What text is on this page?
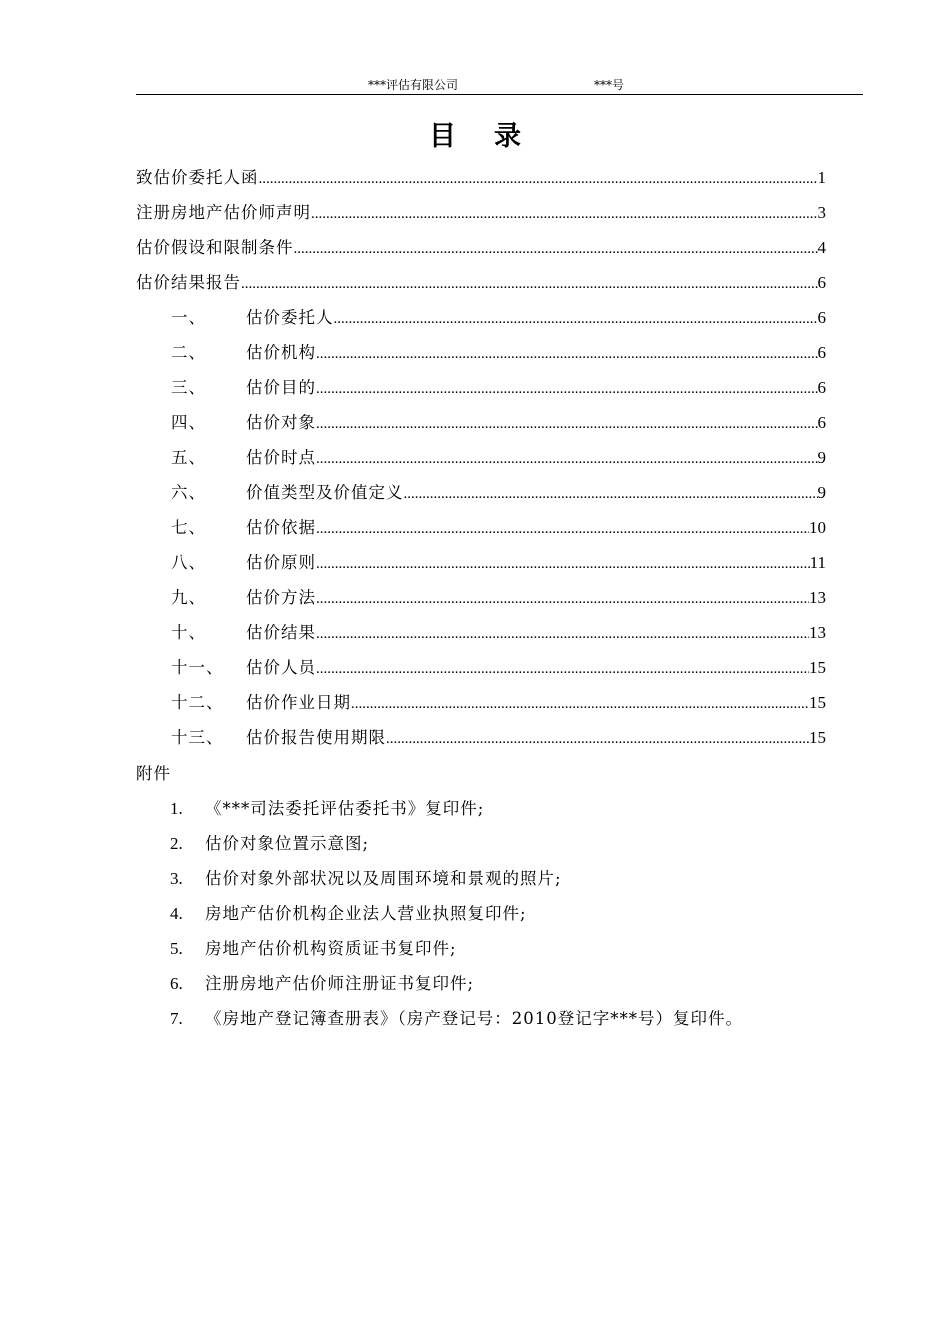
***评估有限公司	***号
目录
致估价委托人函 .....	1
注册房地产估价师声明 .....	3
估价假设和限制条件 .....	4
估价结果报告 .....	6
一、	估价委托人 .....	6
二、	估价机构 .....	6
三、	估价目的 .....	6
四、	估价对象 .....	6
五、	估价时点 .....	9
六、	价值类型及价值定义 .....	9
七、	估价依据 .....	10
八、	估价原则 .....	11
九、	估价方法 .....	13
十、	估价结果 .....	13
十一、	估价人员 .....	15
十二、	估价作业日期 .....	15
十三、	估价报告使用期限 .....	15
附件
1. 《***司法委托评估委托书》复印件;
2. 估价对象位置示意图;
3. 估价对象外部状况以及周围环境和景观的照片;
4. 房地产估价机构企业法人营业执照复印件;
5. 房地产估价机构资质证书复印件;
6. 注册房地产估价师注册证书复印件;
7. 《房地产登记簿查册表》（房产登记号：2010登记字***号）复印件。
